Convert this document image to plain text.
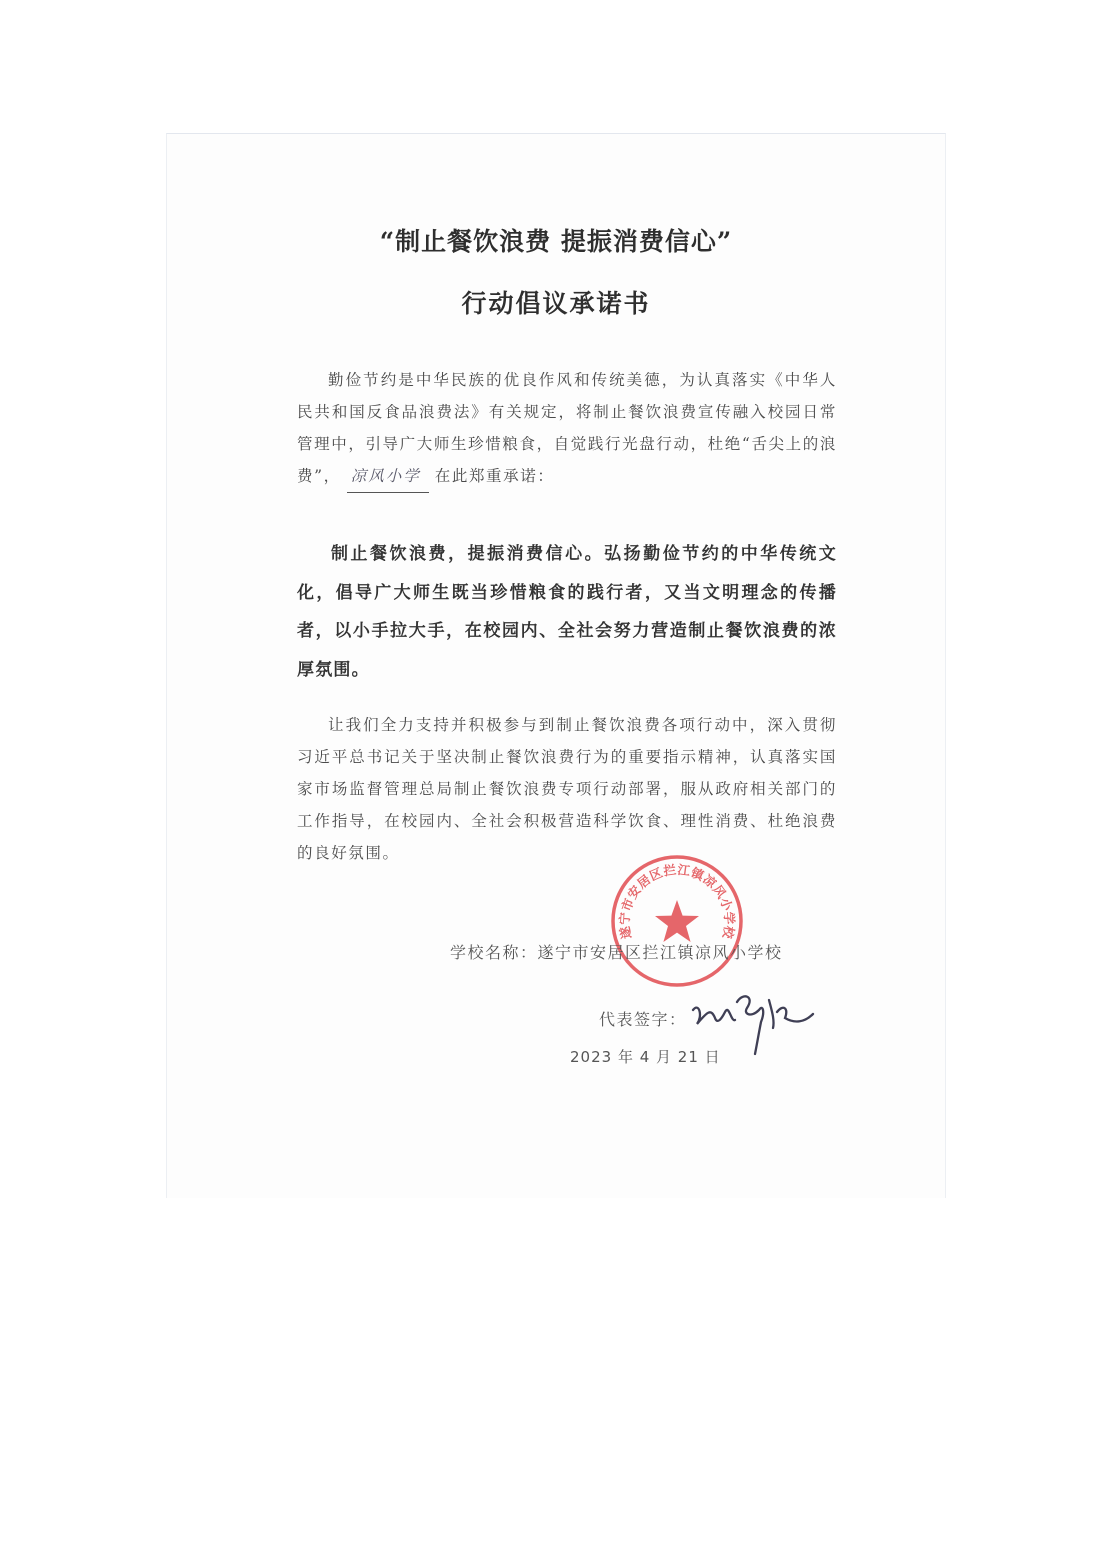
“制止餐饮浪费 提振消费信心”
行动倡议承诺书

勤俭节约是中华民族的优良作风和传统美德，为认真落实《中华人民共和国反食品浪费法》有关规定，将制止餐饮浪费宣传融入校园日常管理中，引导广大师生珍惜粮食，自觉践行光盘行动，杜绝“舌尖上的浪费”， 凉风小学 在此郑重承诺：

制止餐饮浪费，提振消费信心。弘扬勤俭节约的中华传统文化，倡导广大师生既当珍惜粮食的践行者，又当文明理念的传播者，以小手拉大手，在校园内、全社会努力营造制止餐饮浪费的浓厚氛围。

让我们全力支持并积极参与到制止餐饮浪费各项行动中，深入贯彻习近平总书记关于坚决制止餐饮浪费行为的重要指示精神，认真落实国家市场监督管理总局制止餐饮浪费专项行动部署，服从政府相关部门的工作指导，在校园内、全社会积极营造科学饮食、理性消费、杜绝浪费的良好氛围。

遂宁市安居区拦江镇凉风小学校
学校名称：遂宁市安居区拦江镇凉风小学校
代表签字：
2023 年 4 月 21 日
